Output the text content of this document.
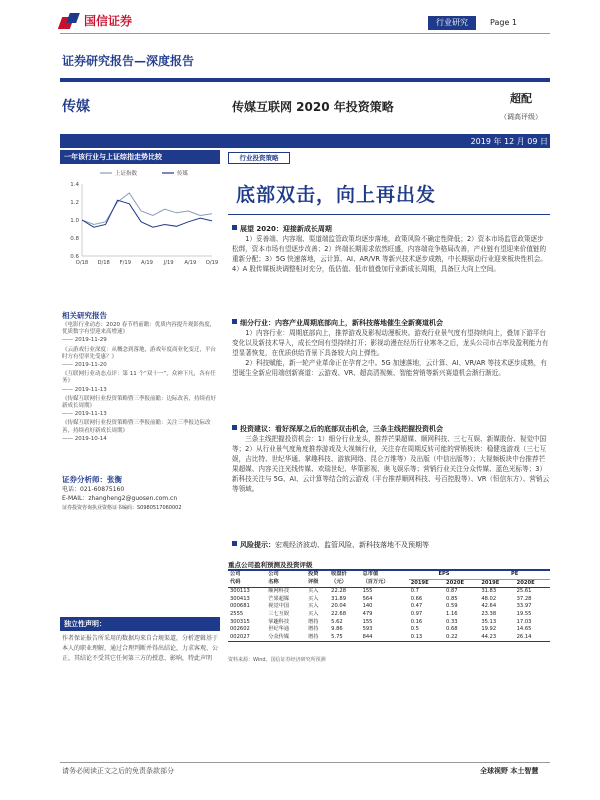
国信证券	行业研究	Page 1
证券研究报告—深度报告
传媒	传媒互联网 2020 年投资策略
超配
（调高评级）
2019 年 12 月 09 日
一年该行业与上证综指走势比较
上证指数	传媒
1.4
1.2
1.0
0.8
0.6
O/18 D/18 F/19 A/19 J/19 A/19 O/19
相关研究报告
《电影行业动态：2020 春节档前瞻：优质内容提升观影热度，优质数字有望迎来高增速》
—— 2019-11-29
《云游戏行业深度：从概念到落地，游戏年度商业化变迁，平台时方有望率先受惠？》
—— 2019-11-20
《互联网行业动态点评：第 11 个“双十一”，众神下凡，各有任务》
—— 2019-11-13
《传媒互联网行业投资策略暨三季报前瞻：边际改善，持续看好新成长周期》
—— 2019-11-13
《传媒互联网行业投资策略暨三季报前瞻：关注三季报边际改善，持续看好新成长周期》
—— 2019-10-14
证券分析师：张衡
电话：021-60875160
E-MAIL：zhangheng2@guosen.com.cn
证券投资咨询执业资格证书编码：S0980517060002
独立性声明：
作者保证报告所采用的数据均来自合规渠道，分析逻辑基于本人的职业理解，通过合理判断并得出结论，力求客观、公正，其结论不受其它任何第三方的授意、影响，特此声明
行业投资策略
底部双击，向上再出发
展望 2020：迎接新成长周期
1）妥善端、内容端、渠道端监管政策均逐步落地，政策风险不确定性降低；2）资本市场监管政策逐步松绑，资本市场有望逐步改善；2）终端长期需求依然旺盛，内容端竞争格局改善，产业链有望迎来价值链的重新分配；3）5G 快速落地，云计算、AI、AR/VR 等新兴技术逐步成熟，中长期驱动行业迎来板块性机会。4）A 股传媒板块调整相对充分，低估值、低市值叠加行业新成长周期，具备巨大向上空间。
细分行业：内容产业周期底部向上，新科技落地催生全新赛道机会
1）内容行业：周期底部向上，推荐游戏及影视动漫板块。游戏行业景气度有望持续向上，叠加下游平台变化以及新技术导入，成长空间有望持续打开；影视动漫在经历行业寒冬之后，龙头公司市占率及盈利能力有望显著恢复，在优质供给背景下具备较大向上弹性。
2）科技赋能，新一轮产业革命正在孕育之中。5G 加速落地，云计算、AI、VR/AR 等技术逐步成熟，有望诞生全新应用端创新赛道：云游戏、VR、超高清视频、智能营销等新兴赛道机会渐行渐近。
投资建议：看好深厚之后的底部双击机会，三条主线把握投资机会
三条主线把握投资机会：1）细分行业龙头，推荐芒果超媒、顺网科技、三七互娱、新媒股份、视觉中国等；2）从行业景气度角度推荐游戏及大视频行业，关注存在周期反转可能的营销板块：稳健选游戏（三七互娱，吉比特、世纪华通、掌趣科技、游族网络、昆仑万维等）及出版（中信出版等）；大视频板块中台推荐芒果超媒、内容关注光线传媒、欢瑞世纪、华策影视、奥飞娱乐等；营销行业关注分众传媒、蓝色光标等；3）新科技关注与 5G、AI、云计算等结合的云游戏（平台推荐顺网科技、号百控股等）、VR（恒信东方）、营销云等领域。
风险提示：宏观经济波动、监管风险、新科技落地不及预期等
重点公司盈利预测及投资评级
公司	公司	投资	收盘价	总市值	EPS		PE	
代码	名称	评级	（元）	（百万元）	2019E	2020E	2019E	2020E
300113	顺网科技	买入	22.28	155	0.7	0.87	31.83	25.61
300413	芒果超媒	买入	31.89	564	0.66	0.85	48.02	37.28
000681	视觉中国	买入	20.04	140	0.47	0.59	42.64	33.97
2555	三七互娱	买入	22.68	479	0.97	1.16	23.38	19.55
300315	掌趣科技	增持	5.62	155	0.16	0.33	35.13	17.03
002602	世纪华通	增持	9.86	593	0.5	0.68	19.92	14.65
002027	分众传媒	增持	5.75	844	0.13	0.22	44.23	26.14
资料来源：Wind、国信证券经济研究所预测
请务必阅读正文之后的免责条款部分	全球视野 本土智慧
